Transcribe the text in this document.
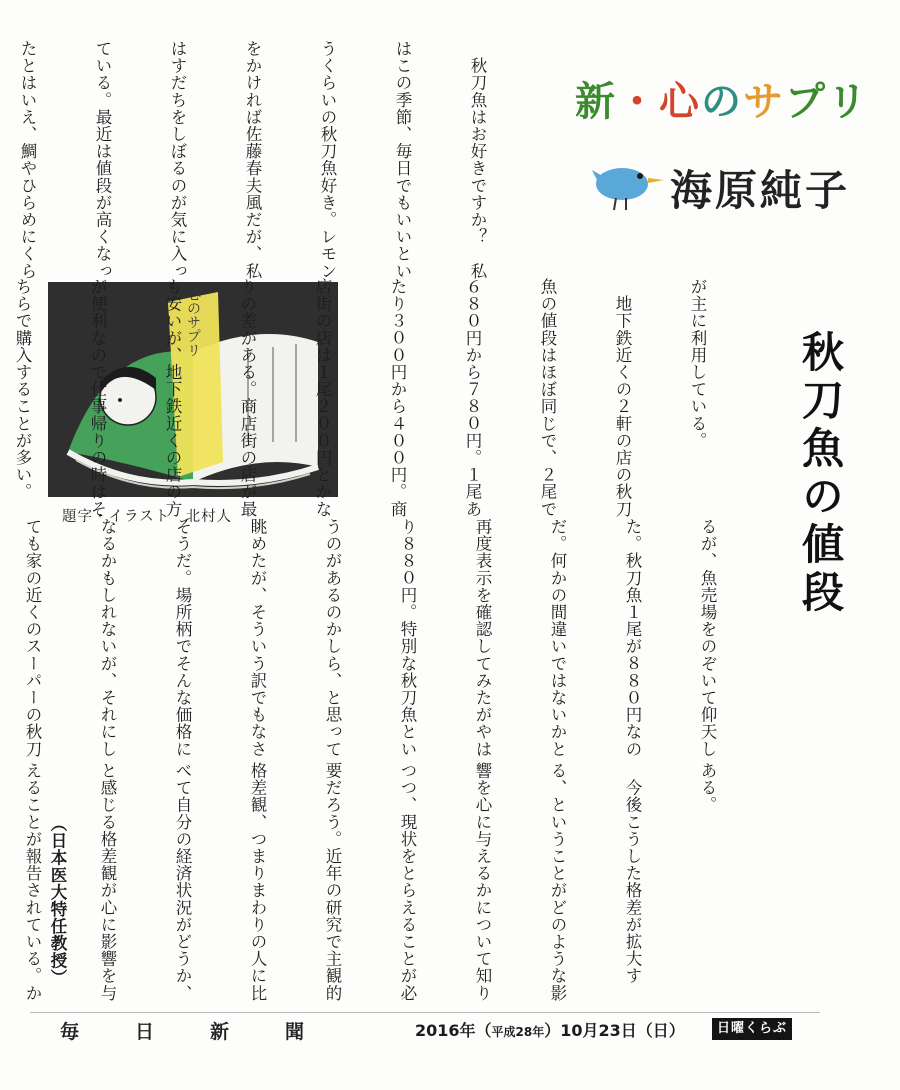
新・心のサプリ
海原純子
秋刀魚の値段
心のサプリ
題字・イラスト　北村人

　秋刀魚はお好きですか？　私

はこの季節、毎日でもいいとい

うくらいの秋刀魚好き。レモン

をかければ佐藤春夫風だが、私

はすだちをしぼるのが気に入っ

ている。最近は値段が高くなっ

たとはいえ、鯛やひらめにくら

が主に利用している。

　地下鉄近くの２軒の店の秋刀

魚の値段はほぼ同じで、２尾で

６８０円から７８０円。１尾あ

たり３００円から４００円。商

店街の店は１尾２００円とかな

りの差がある。商店街の店が最

も安いが、地下鉄近くの店の方

が便利なので仕事帰りの時はそ

ちらで購入することが多い。

るが、魚売場をのぞいて仰天し

た。秋刀魚１尾が８８０円なの

だ。何かの間違いではないかと

再度表示を確認してみたがやは

り８８０円。特別な秋刀魚とい

うのがあるのかしら、と思って

眺めたが、そういう訳でもなさ

そうだ。場所柄でそんな価格に

なるかもしれないが、それにし

ても家の近くのスーパーの秋刀

ある。

　今後こうした格差が拡大す

る、ということがどのような影

響を心に与えるかについて知り

つつ、現状をとらえることが必

要だろう。近年の研究で主観的

格差観、つまりまわりの人に比

べて自分の経済状況がどうか、

と感じる格差観が心に影響を与

えることが報告されている。か

（日本医大特任教授）
毎	日	新	聞	2016年（平成28年）10月23日（日）	日曜くらぶ
